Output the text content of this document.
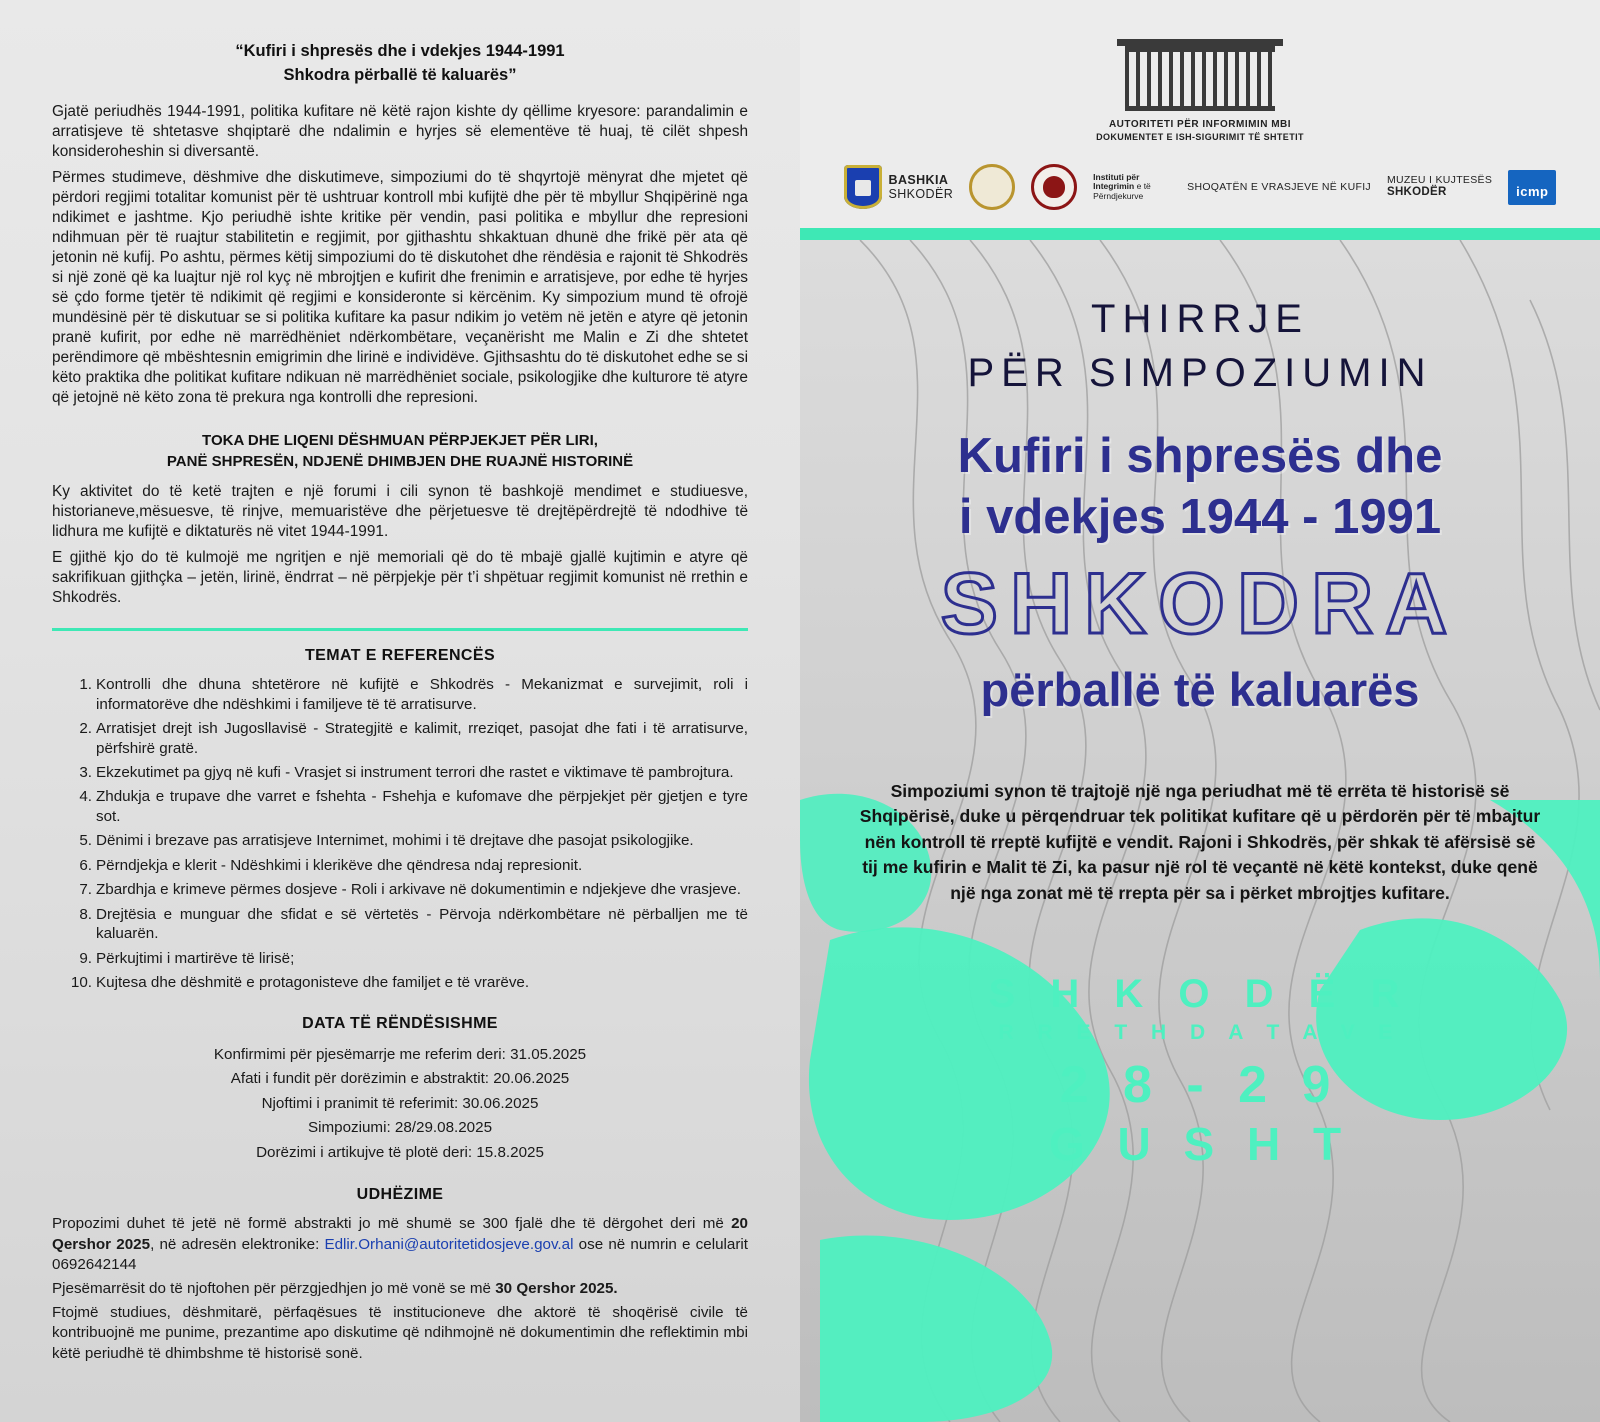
“Kufiri i shpresës dhe i vdekjes 1944-1991
Shkodra përballë të kaluarës”

Gjatë periudhës 1944-1991, politika kufitare në këtë rajon kishte dy qëllime kryesore: parandalimin e arratisjeve të shtetasve shqiptarë dhe ndalimin e hyrjes së elementëve të huaj, të cilët shpesh konsideroheshin si diversantë.

Përmes studimeve, dëshmive dhe diskutimeve, simpoziumi do të shqyrtojë mënyrat dhe mjetet që përdori regjimi totalitar komunist për të ushtruar kontroll mbi kufijtë dhe për të mbyllur Shqipërinë nga ndikimet e jashtme. Kjo periudhë ishte kritike për vendin, pasi politika e mbyllur dhe represioni ndihmuan për të ruajtur stabilitetin e regjimit, por gjithashtu shkaktuan dhunë dhe frikë për ata që jetonin në kufij. Po ashtu, përmes këtij simpoziumi do të diskutohet dhe rëndësia e rajonit të Shkodrës si një zonë që ka luajtur një rol kyç në mbrojtjen e kufirit dhe frenimin e arratisjeve, por edhe të hyrjes së çdo forme tjetër të ndikimit që regjimi e konsideronte si kërcënim. Ky simpozium mund të ofrojë mundësinë për të diskutuar se si politika kufitare ka pasur ndikim jo vetëm në jetën e atyre që jetonin pranë kufirit, por edhe në marrëdhëniet ndërkombëtare, veçanërisht me Malin e Zi dhe shtetet perëndimore që mbështesnin emigrimin dhe lirinë e individëve. Gjithsashtu do të diskutohet edhe se si këto praktika dhe politikat kufitare ndikuan në marrëdhëniet sociale, psikologjike dhe kulturore të atyre që jetojnë në këto zona të prekura nga kontrolli dhe represioni.

TOKA DHE LIQENI DËSHMUAN PËRPJEKJET PËR LIRI,
PANË SHPRESËN, NDJENË DHIMBJEN DHE RUAJNË HISTORINË

Ky aktivitet do të ketë trajten e një forumi i cili synon të bashkojë mendimet e studiuesve, historianeve,mësuesve, të rinjve, memuaristëve dhe përjetuesve të drejtëpërdrejtë të ndodhive të lidhura me kufijtë e diktaturës në vitet 1944-1991.

E gjithë kjo do të kulmojë me ngritjen e një memoriali që do të mbajë gjallë kujtimin e atyre që sakrifikuan gjithçka – jetën, lirinë, ëndrrat – në përpjekje për t’i shpëtuar regjimit komunist në rrethin e Shkodrës.

TEMAT E REFERENCËS
1. Kontrolli dhe dhuna shtetërore në kufijtë e Shkodrës - Mekanizmat e survejimit, roli i informatorëve dhe ndëshkimi i familjeve të të arratisurve.
2. Arratisjet drejt ish Jugosllavisë - Strategjitë e kalimit, rreziqet, pasojat dhe fati i të arratisurve, përfshirë gratë.
3. Ekzekutimet pa gjyq në kufi - Vrasjet si instrument terrori dhe rastet e viktimave të pambrojtura.
4. Zhdukja e trupave dhe varret e fshehta - Fshehja e kufomave dhe përpjekjet për gjetjen e tyre sot.
5. Dënimi i brezave pas arratisjeve Internimet, mohimi i të drejtave dhe pasojat psikologjike.
6. Përndjekja e klerit - Ndëshkimi i klerikëve dhe qëndresa ndaj represionit.
7. Zbardhja e krimeve përmes dosjeve - Roli i arkivave në dokumentimin e ndjekjeve dhe vrasjeve.
8. Drejtësia e munguar dhe sfidat e së vërtetës - Përvoja ndërkombëtare në përballjen me të kaluarën.
9. Përkujtimi i martirëve të lirisë;
10. Kujtesa dhe dëshmitë e protagonisteve dhe familjet e të vrarëve.
DATA TË RËNDËSISHME
Konfirmimi për pjesëmarrje me referim deri: 31.05.2025
Afati i fundit për dorëzimin e abstraktit: 20.06.2025
Njoftimi i pranimit të referimit: 30.06.2025
Simpoziumi: 28/29.08.2025
Dorëzimi i artikujve të plotë deri: 15.8.2025
UDHËZIME

Propozimi duhet të jetë në formë abstrakti jo më shumë se 300 fjalë dhe të dërgohet deri më 20 Qershor 2025, në adresën elektronike: Edlir.Orhani@autoritetidosjeve.gov.al ose në numrin e celularit 0692642144

Pjesëmarrësit do të njoftohen për përzgjedhjen jo më vonë se më 30 Qershor 2025.

Ftojmë studiues, dëshmitarë, përfaqësues të institucioneve dhe aktorë të shoqërisë civile të kontribuojnë me punime, prezantime apo diskutime që ndihmojnë në dokumentimin dhe reflektimin mbi këtë periudhë të dhimbshme të historisë sonë.

AUTORITETI PËR INFORMIMIN MBI
DOKUMENTET E ISH-SIGURIMIT TË SHTETIT
BASHKIA
SHKODËR
Instituti për Integrimin e të Përndjekurve
SHOQATËN E VRASJEVE NË KUFIJ
MUZEU I KUJTESËS
SHKODËR	icmp
THIRRJE
PËR SIMPOZIUMIN
Kufiri i shpresës dhe
i vdekjes 1944 - 1991
SHKODRA
përballë të kaluarës
Simpoziumi synon të trajtojë një nga periudhat më të errëta të historisë së Shqipërisë, duke u përqendruar tek politikat kufitare që u përdorën për të mbajtur nën kontroll të rreptë kufijtë e vendit. Rajoni i Shkodrës, për shkak të afërsisë së tij me kufirin e Malit të Zi, ka pasur një rol të veçantë në këtë kontekst, duke qenë një nga zonat më të rrepta për sa i përket mbrojtjes kufitare.
S H K O D Ë R
R R E T H D A T A V E
2 8 - 2 9
G U S H T
